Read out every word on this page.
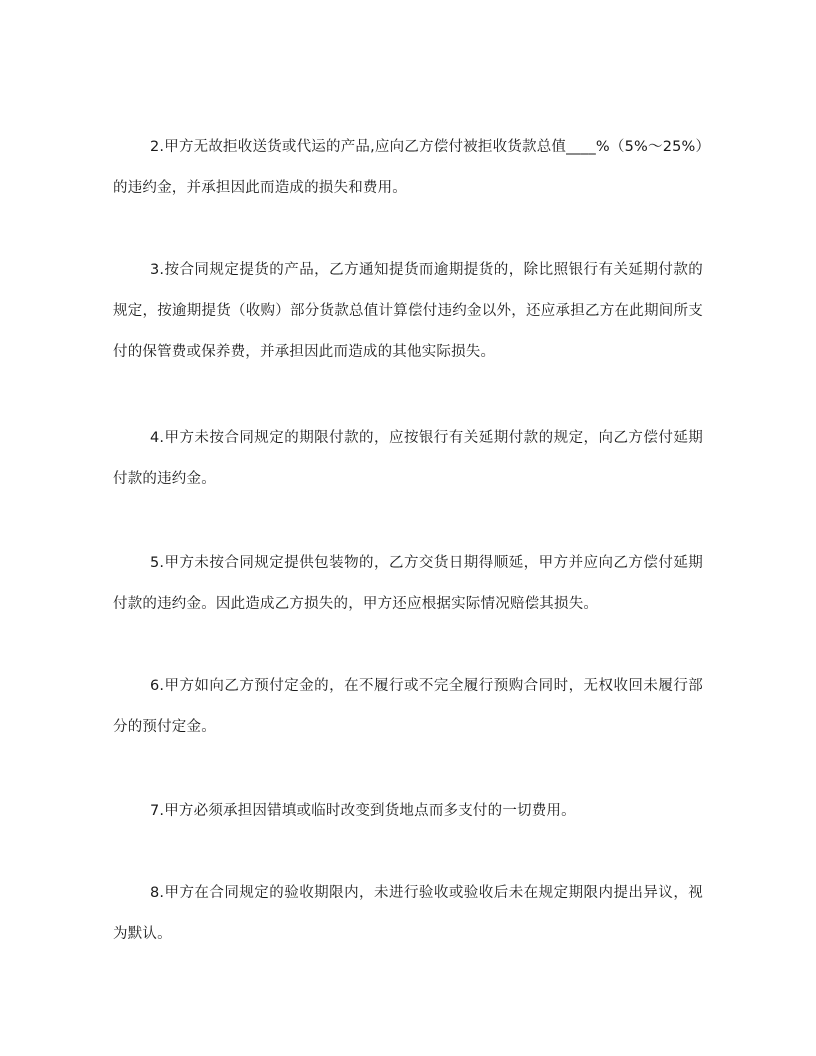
2.甲方无故拒收送货或代运的产品,应向乙方偿付被拒收货款总值____%（5%～25%）的违约金，并承担因此而造成的损失和费用。

3.按合同规定提货的产品，乙方通知提货而逾期提货的，除比照银行有关延期付款的规定，按逾期提货（收购）部分货款总值计算偿付违约金以外，还应承担乙方在此期间所支付的保管费或保养费，并承担因此而造成的其他实际损失。

4.甲方未按合同规定的期限付款的，应按银行有关延期付款的规定，向乙方偿付延期付款的违约金。

5.甲方未按合同规定提供包装物的，乙方交货日期得顺延，甲方并应向乙方偿付延期付款的违约金。因此造成乙方损失的，甲方还应根据实际情况赔偿其损失。

6.甲方如向乙方预付定金的，在不履行或不完全履行预购合同时，无权收回未履行部分的预付定金。

7.甲方必须承担因错填或临时改变到货地点而多支付的一切费用。

8.甲方在合同规定的验收期限内，未进行验收或验收后未在规定期限内提出异议，视为默认。
